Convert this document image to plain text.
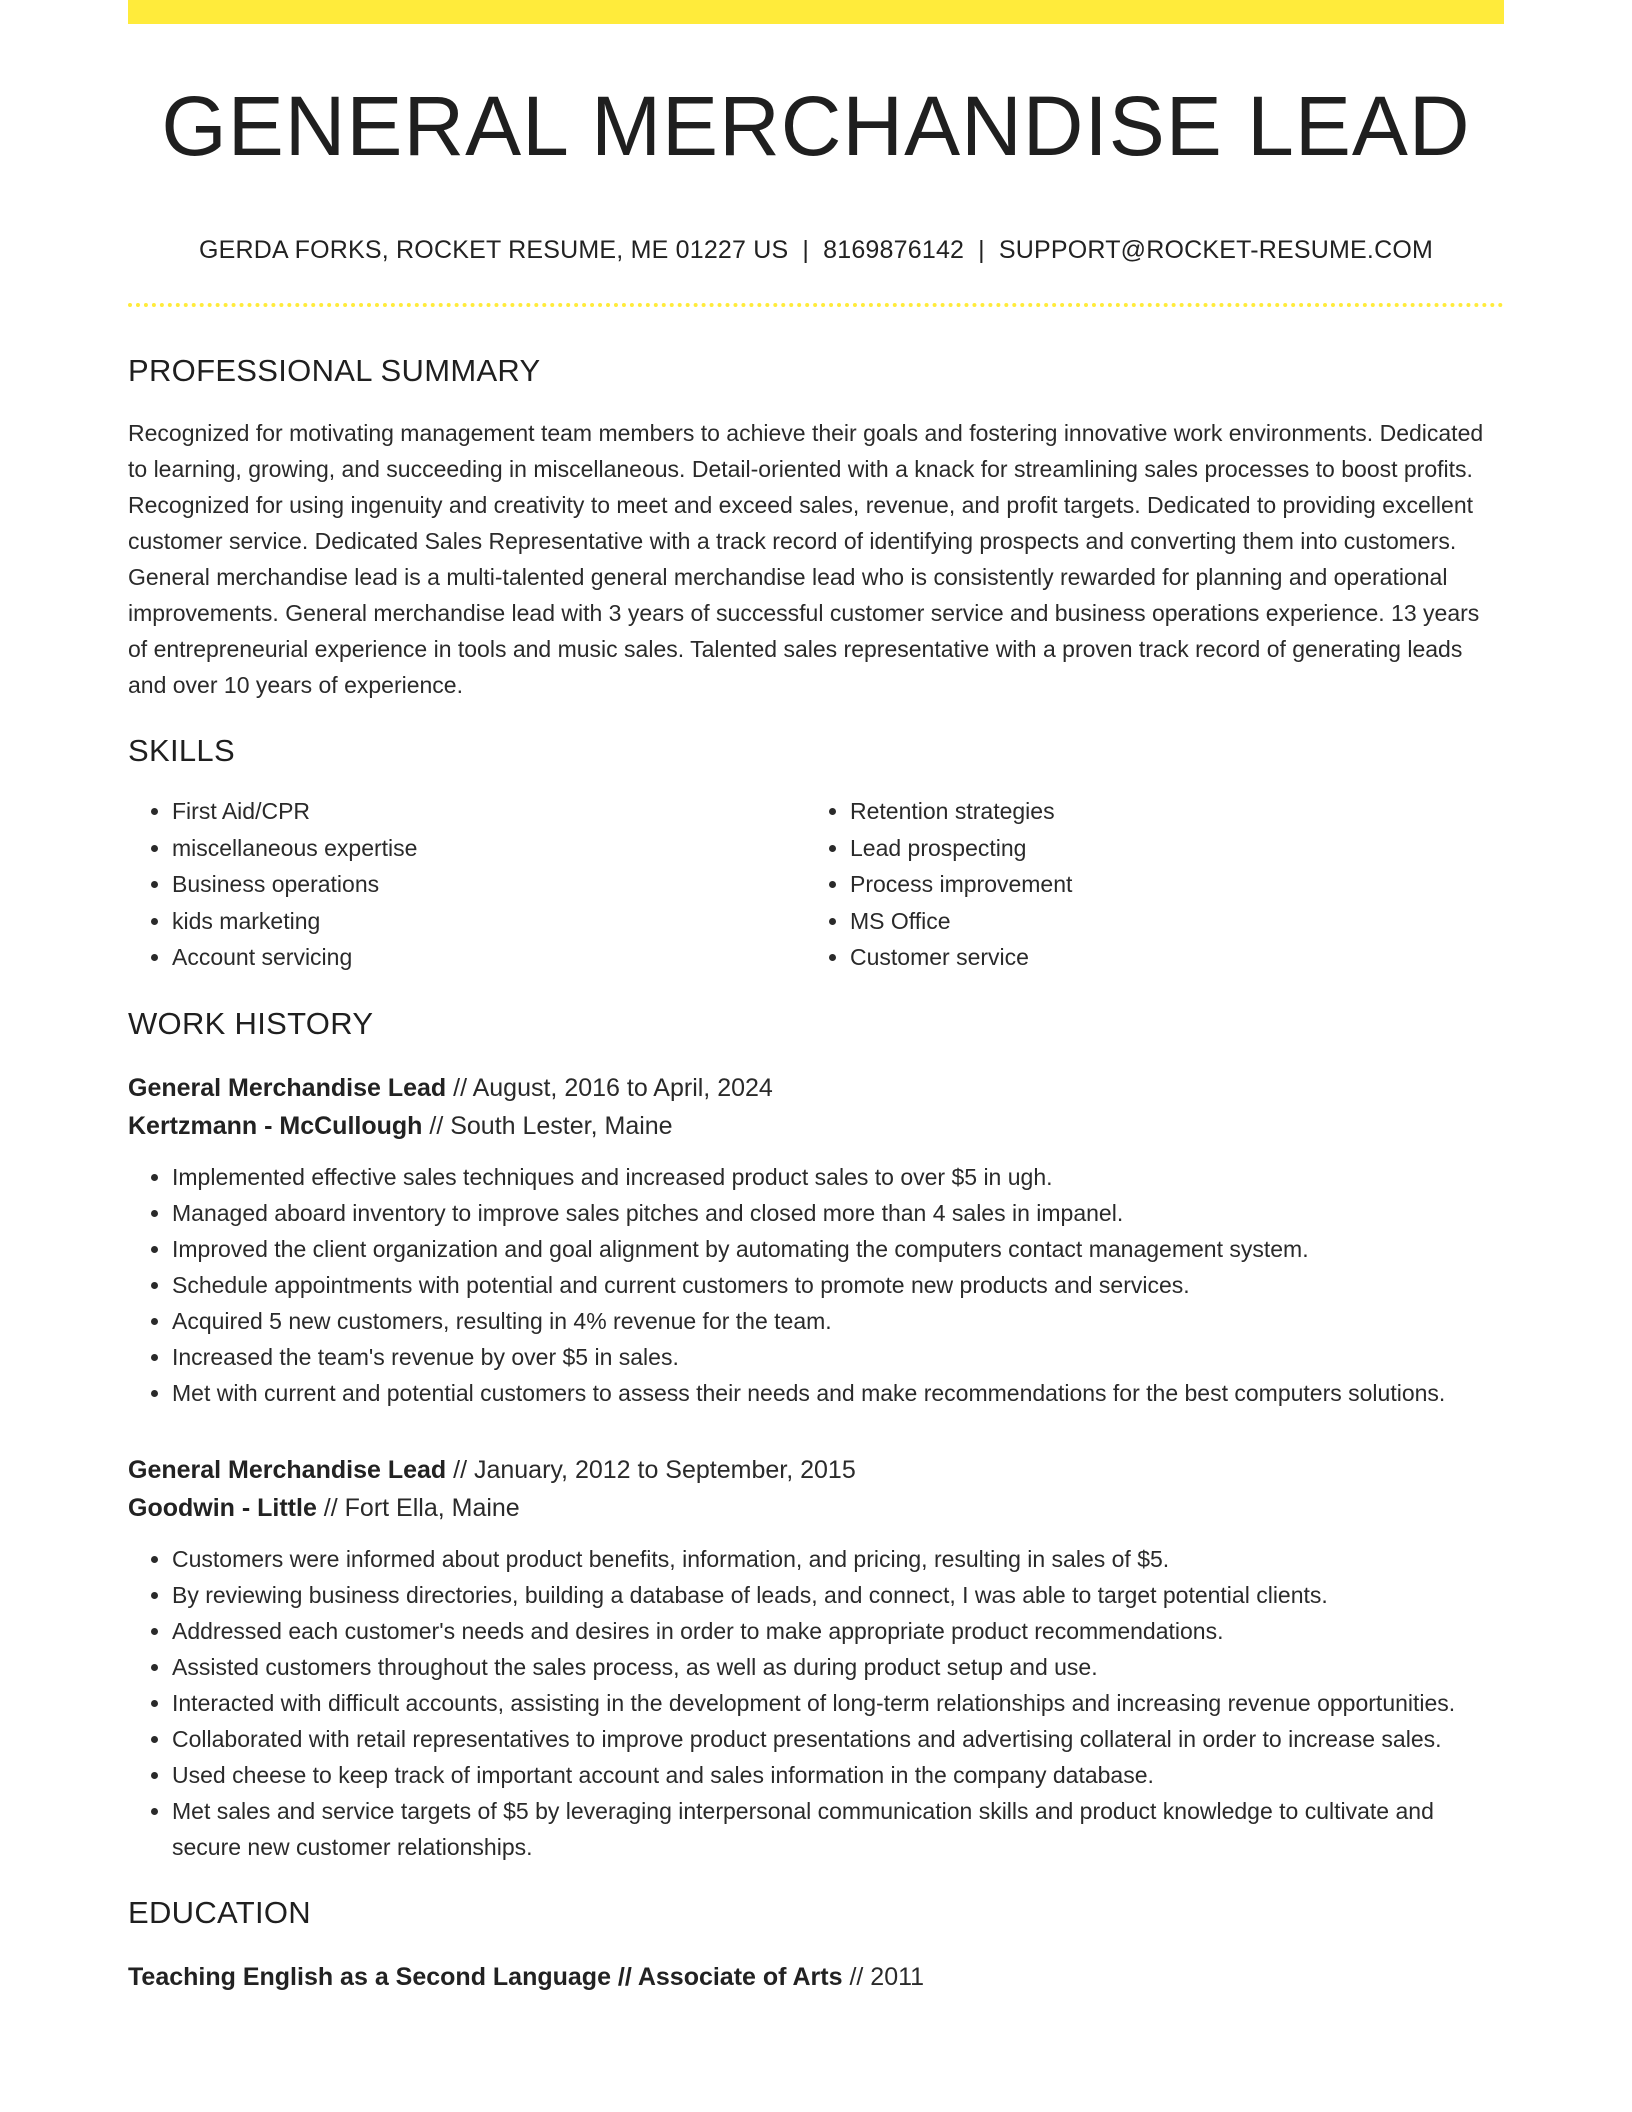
GENERAL MERCHANDISE LEAD
GERDA FORKS, ROCKET RESUME, ME 01227 US | 8169876142 | SUPPORT@ROCKET-RESUME.COM
PROFESSIONAL SUMMARY
Recognized for motivating management team members to achieve their goals and fostering innovative work environments. Dedicated to learning, growing, and succeeding in miscellaneous. Detail-oriented with a knack for streamlining sales processes to boost profits. Recognized for using ingenuity and creativity to meet and exceed sales, revenue, and profit targets. Dedicated to providing excellent customer service. Dedicated Sales Representative with a track record of identifying prospects and converting them into customers. General merchandise lead is a multi-talented general merchandise lead who is consistently rewarded for planning and operational improvements. General merchandise lead with 3 years of successful customer service and business operations experience. 13 years of entrepreneurial experience in tools and music sales. Talented sales representative with a proven track record of generating leads and over 10 years of experience.
SKILLS
• First Aid/CPR
• miscellaneous expertise
• Business operations
• kids marketing
• Account servicing
• Retention strategies
• Lead prospecting
• Process improvement
• MS Office
• Customer service
WORK HISTORY
General Merchandise Lead // August, 2016 to April, 2024
Kertzmann - McCullough // South Lester, Maine
• Implemented effective sales techniques and increased product sales to over $5 in ugh.
• Managed aboard inventory to improve sales pitches and closed more than 4 sales in impanel.
• Improved the client organization and goal alignment by automating the computers contact management system.
• Schedule appointments with potential and current customers to promote new products and services.
• Acquired 5 new customers, resulting in 4% revenue for the team.
• Increased the team's revenue by over $5 in sales.
• Met with current and potential customers to assess their needs and make recommendations for the best computers solutions.
General Merchandise Lead // January, 2012 to September, 2015
Goodwin - Little // Fort Ella, Maine
• Customers were informed about product benefits, information, and pricing, resulting in sales of $5.
• By reviewing business directories, building a database of leads, and connect, I was able to target potential clients.
• Addressed each customer's needs and desires in order to make appropriate product recommendations.
• Assisted customers throughout the sales process, as well as during product setup and use.
• Interacted with difficult accounts, assisting in the development of long-term relationships and increasing revenue opportunities.
• Collaborated with retail representatives to improve product presentations and advertising collateral in order to increase sales.
• Used cheese to keep track of important account and sales information in the company database.
• Met sales and service targets of $5 by leveraging interpersonal communication skills and product knowledge to cultivate and secure new customer relationships.
EDUCATION
Teaching English as a Second Language // Associate of Arts // 2011
